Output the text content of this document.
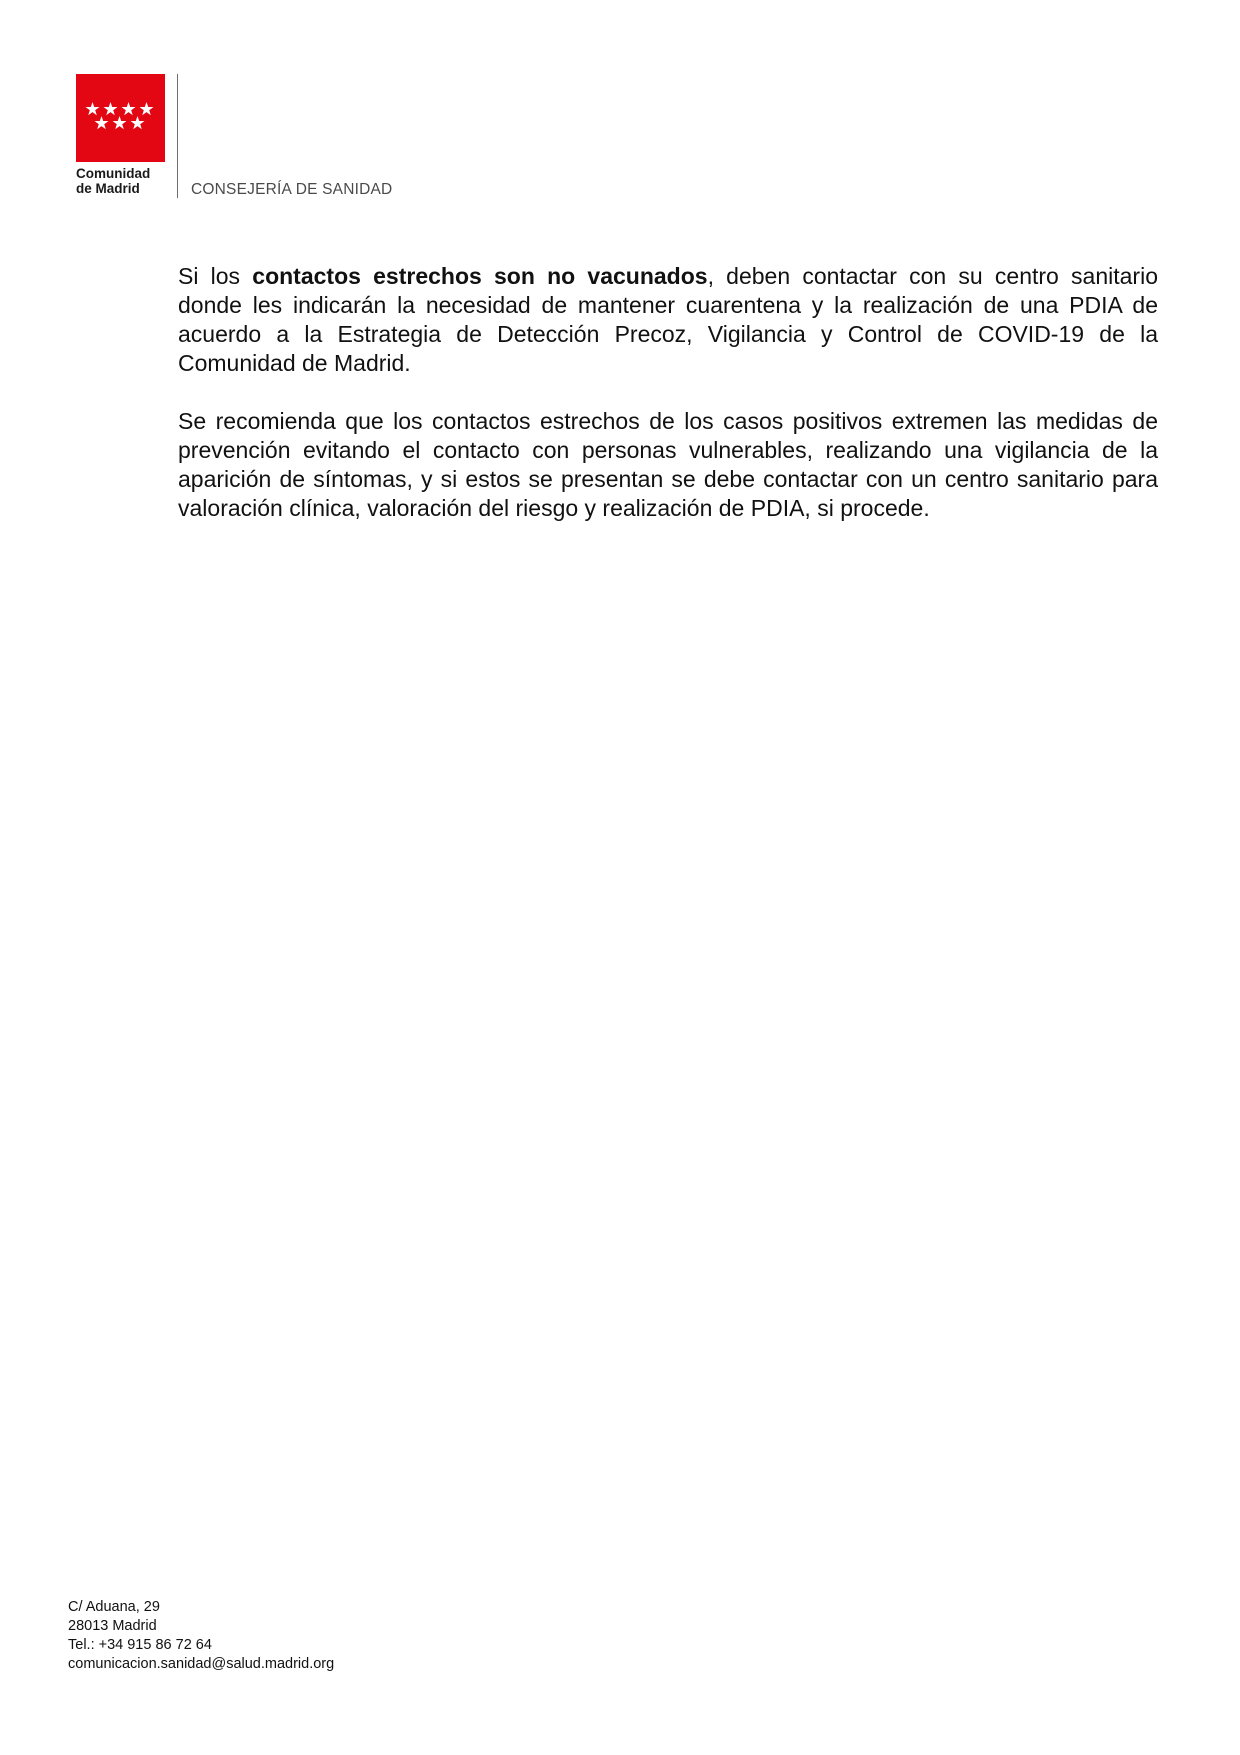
Comunidad
de Madrid	CONSEJERÍA DE SANIDAD

Si los contactos estrechos son no vacunados, deben contactar con su centro sanitario donde les indicarán la necesidad de mantener cuarentena y la realización de una PDIA de acuerdo a la Estrategia de Detección Precoz, Vigilancia y Control de COVID-19 de la Comunidad de Madrid.

Se recomienda que los contactos estrechos de los casos positivos extremen las medidas de prevención evitando el contacto con personas vulnerables, realizando una vigilancia de la aparición de síntomas, y si estos se presentan se debe contactar con un centro sanitario para valoración clínica, valoración del riesgo y realización de PDIA, si procede.

C/ Aduana, 29
28013 Madrid
Tel.: +34 915 86 72 64
comunicacion.sanidad@salud.madrid.org
